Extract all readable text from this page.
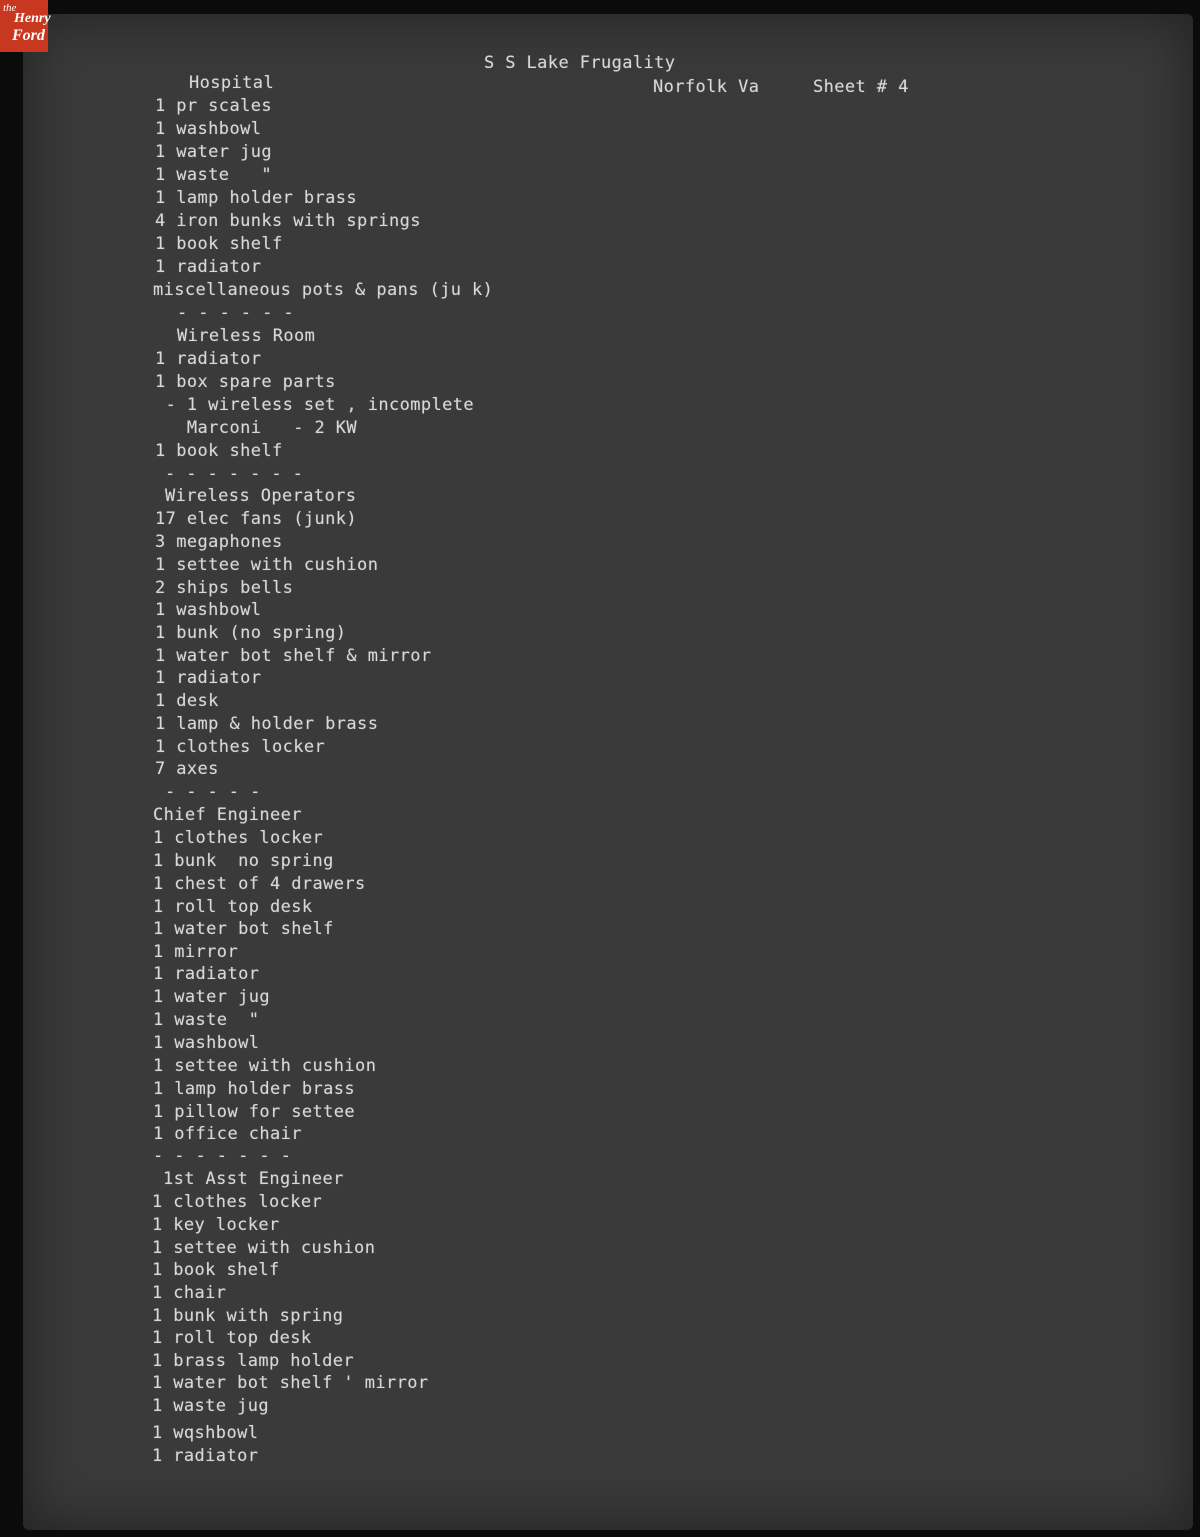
the
Henry
Ford
S S Lake Frugality
Norfolk Va	Sheet # 4
Hospital
1 pr scales
1 washbowl
1 water jug
1 waste   "
1 lamp holder brass
4 iron bunks with springs
1 book shelf
1 radiator
miscellaneous pots & pans (ju k)
- - - - - -
Wireless Room
1 radiator
1 box spare parts
- 1 wireless set , incomplete
Marconi   - 2 KW
1 book shelf
- - - - - - -
Wireless Operators
17 elec fans (junk)
3 megaphones
1 settee with cushion
2 ships bells
1 washbowl
1 bunk (no spring)
1 water bot shelf & mirror
1 radiator
1 desk
1 lamp & holder brass
1 clothes locker
7 axes
- - - - -
Chief Engineer
1 clothes locker
1 bunk  no spring
1 chest of 4 drawers
1 roll top desk
1 water bot shelf
1 mirror
1 radiator
1 water jug
1 waste  "
1 washbowl
1 settee with cushion
1 lamp holder brass
1 pillow for settee
1 office chair
- - - - - - -
1st Asst Engineer
1 clothes locker
1 key locker
1 settee with cushion
1 book shelf
1 chair
1 bunk with spring
1 roll top desk
1 brass lamp holder
1 water bot shelf ' mirror
1 waste jug
1 wqshbowl
1 radiator
